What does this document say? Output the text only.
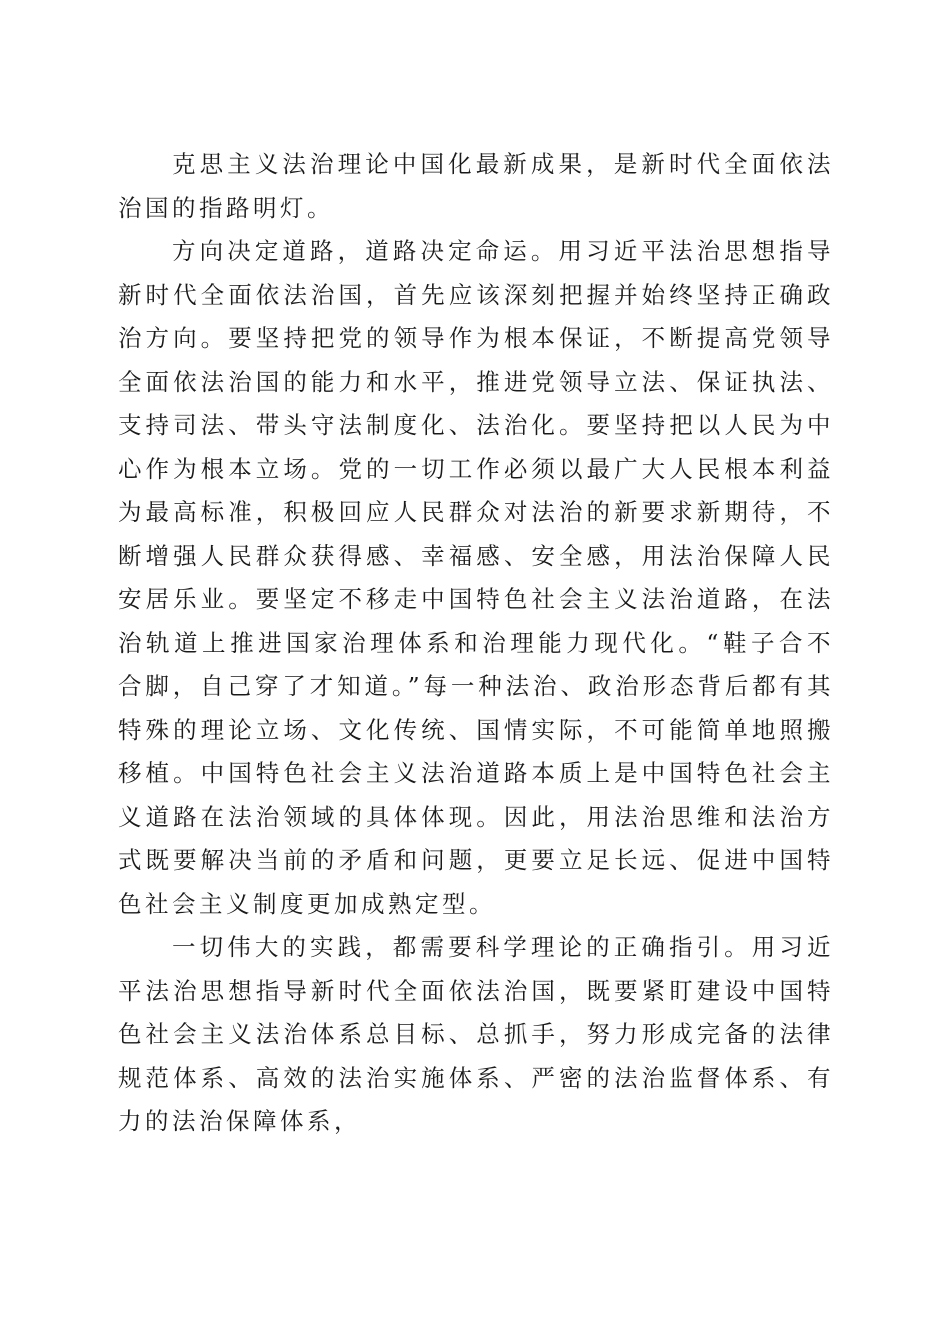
克思主义法治理论中国化最新成果，是新时代全面依法治国的指路明灯。

方向决定道路，道路决定命运。用习近平法治思想指导新时代全面依法治国，首先应该深刻把握并始终坚持正确政治方向。要坚持把党的领导作为根本保证，不断提高党领导全面依法治国的能力和水平，推进党领导立法、保证执法、支持司法、带头守法制度化、法治化。要坚持把以人民为中心作为根本立场。党的一切工作必须以最广大人民根本利益为最高标准，积极回应人民群众对法治的新要求新期待，不断增强人民群众获得感、幸福感、安全感，用法治保障人民安居乐业。要坚定不移走中国特色社会主义法治道路，在法治轨道上推进国家治理体系和治理能力现代化。“鞋子合不合脚，自己穿了才知道。”每一种法治、政治形态背后都有其特殊的理论立场、文化传统、国情实际，不可能简单地照搬移植。中国特色社会主义法治道路本质上是中国特色社会主义道路在法治领域的具体体现。因此，用法治思维和法治方式既要解决当前的矛盾和问题，更要立足长远、促进中国特色社会主义制度更加成熟定型。

一切伟大的实践，都需要科学理论的正确指引。用习近平法治思想指导新时代全面依法治国，既要紧盯建设中国特色社会主义法治体系总目标、总抓手，努力形成完备的法律规范体系、高效的法治实施体系、严密的法治监督体系、有力的法治保障体系，
